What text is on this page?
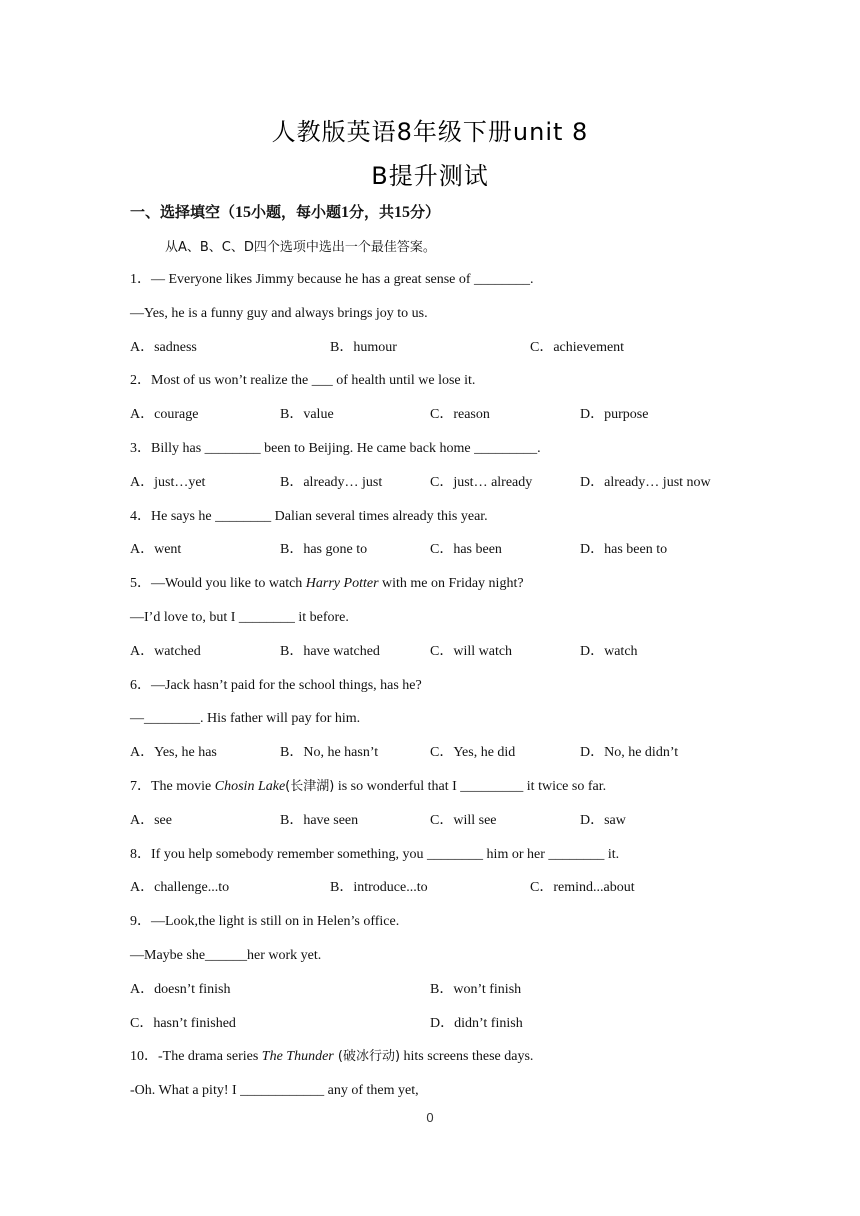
人教版英语8年级下册unit 8
B提升测试
一、选择填空（15小题，每小题1分，共15分）
从A、B、C、D四个选项中选出一个最佳答案。
1．— Everyone likes Jimmy because he has a great sense of ________.
—Yes, he is a funny guy and always brings joy to us.
A．sadness	B．humour	C．achievement
2．Most of us won’t realize the ___ of health until we lose it.
A．courage	B．value	C．reason	D．purpose
3．Billy has ________ been to Beijing. He came back home _________.
A．just…yet	B．already… just	C．just… already	D．already… just now
4．He says he ________ Dalian several times already this year.
A．went	B．has gone to	C．has been	D．has been to
5．—Would you like to watch Harry Potter with me on Friday night?
—I’d love to, but I ________ it before.
A．watched	B．have watched	C．will watch	D．watch
6．—Jack hasn’t paid for the school things, has he?
—________. His father will pay for him.
A．Yes, he has	B．No, he hasn’t	C．Yes, he did	D．No, he didn’t
7．The movie Chosin Lake(长津湖) is so wonderful that I _________ it twice so far.
A．see	B．have seen	C．will see	D．saw
8．If you help somebody remember something, you ________ him or her ________ it.
A．challenge...to	B．introduce...to	C．remind...about
9．—Look,the light is still on in Helen’s office.
—Maybe she______her work yet.
A．doesn’t finish	B．won’t finish
C．hasn’t finished	D．didn’t finish
10．-The drama series The Thunder (破冰行动) hits screens these days.
-Oh. What a pity! I ____________ any of them yet,
0
